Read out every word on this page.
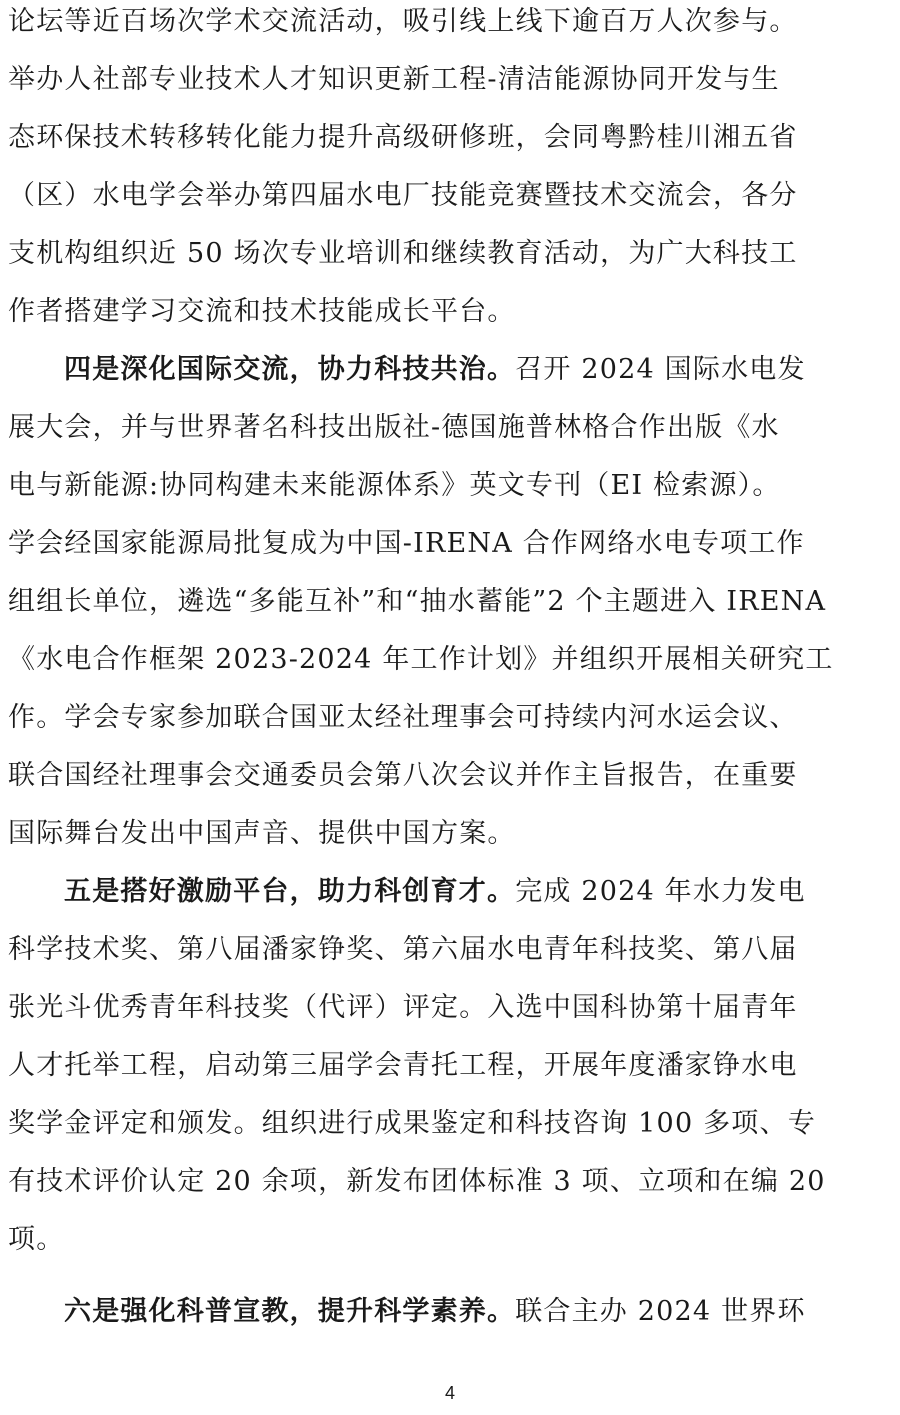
论坛等近百场次学术交流活动，吸引线上线下逾百万人次参与。
举办人社部专业技术人才知识更新工程-清洁能源协同开发与生
态环保技术转移转化能力提升高级研修班，会同粤黔桂川湘五省
（区）水电学会举办第四届水电厂技能竞赛暨技术交流会，各分
支机构组织近 50 场次专业培训和继续教育活动，为广大科技工
作者搭建学习交流和技术技能成长平台。
四是深化国际交流，协力科技共治。召开 2024 国际水电发
展大会，并与世界著名科技出版社-德国施普林格合作出版《水
电与新能源:协同构建未来能源体系》英文专刊（EI 检索源）。
学会经国家能源局批复成为中国-IRENA 合作网络水电专项工作
组组长单位，遴选“多能互补”和“抽水蓄能”2 个主题进入 IRENA
《水电合作框架 2023-2024 年工作计划》并组织开展相关研究工
作。学会专家参加联合国亚太经社理事会可持续内河水运会议、
联合国经社理事会交通委员会第八次会议并作主旨报告，在重要
国际舞台发出中国声音、提供中国方案。
五是搭好激励平台，助力科创育才。完成 2024 年水力发电
科学技术奖、第八届潘家铮奖、第六届水电青年科技奖、第八届
张光斗优秀青年科技奖（代评）评定。入选中国科协第十届青年
人才托举工程，启动第三届学会青托工程，开展年度潘家铮水电
奖学金评定和颁发。组织进行成果鉴定和科技咨询 100 多项、专
有技术评价认定 20 余项，新发布团体标准 3 项、立项和在编 20
项。
六是强化科普宣教，提升科学素养。联合主办 2024 世界环
4
